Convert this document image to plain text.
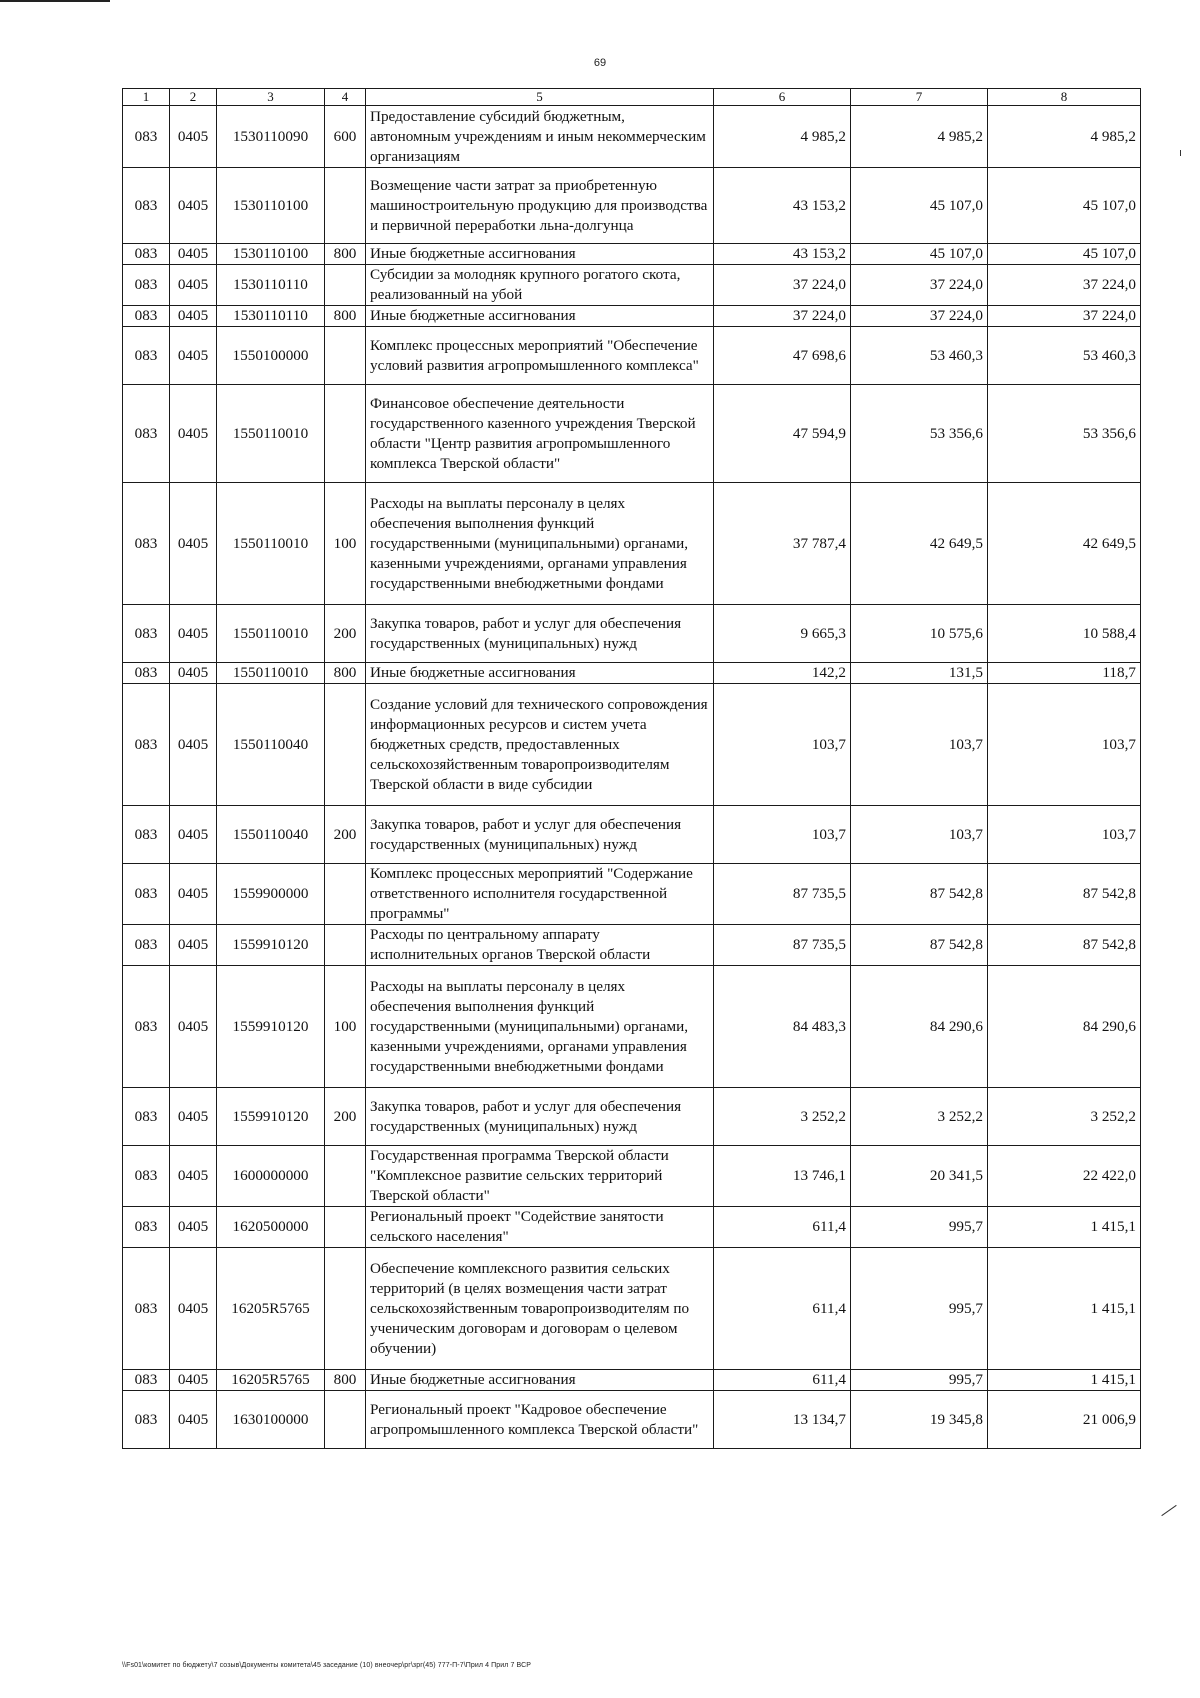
69
1	2	3	4	5	6	7	8
083	0405	1530110090	600	Предоставление субсидий бюджетным, автономным учреждениям и иным некоммерческим организациям	4 985,2	4 985,2	4 985,2
083	0405	1530110100		Возмещение части затрат за приобретенную машиностроительную продукцию для производства и первичной переработки льна-долгунца	43 153,2	45 107,0	45 107,0
083	0405	1530110100	800	Иные бюджетные ассигнования	43 153,2	45 107,0	45 107,0
083	0405	1530110110		Субсидии за молодняк крупного рогатого скота, реализованный на убой	37 224,0	37 224,0	37 224,0
083	0405	1530110110	800	Иные бюджетные ассигнования	37 224,0	37 224,0	37 224,0
083	0405	1550100000		Комплекс процессных мероприятий "Обеспечение условий развития агропромышленного комплекса"	47 698,6	53 460,3	53 460,3
083	0405	1550110010		Финансовое обеспечение деятельности государственного казенного учреждения Тверской области "Центр развития агропромышленного комплекса Тверской области"	47 594,9	53 356,6	53 356,6
083	0405	1550110010	100	Расходы на выплаты персоналу в целях обеспечения выполнения функций государственными (муниципальными) органами, казенными учреждениями, органами управления государственными внебюджетными фондами	37 787,4	42 649,5	42 649,5
083	0405	1550110010	200	Закупка товаров, работ и услуг для обеспечения государственных (муниципальных) нужд	9 665,3	10 575,6	10 588,4
083	0405	1550110010	800	Иные бюджетные ассигнования	142,2	131,5	118,7
083	0405	1550110040		Создание условий для технического сопровождения информационных ресурсов и систем учета бюджетных средств, предоставленных сельскохозяйственным товаропроизводителям Тверской области в виде субсидии	103,7	103,7	103,7
083	0405	1550110040	200	Закупка товаров, работ и услуг для обеспечения государственных (муниципальных) нужд	103,7	103,7	103,7
083	0405	1559900000		Комплекс процессных мероприятий "Содержание ответственного исполнителя государственной программы"	87 735,5	87 542,8	87 542,8
083	0405	1559910120		Расходы по центральному аппарату исполнительных органов Тверской области	87 735,5	87 542,8	87 542,8
083	0405	1559910120	100	Расходы на выплаты персоналу в целях обеспечения выполнения функций государственными (муниципальными) органами, казенными учреждениями, органами управления государственными внебюджетными фондами	84 483,3	84 290,6	84 290,6
083	0405	1559910120	200	Закупка товаров, работ и услуг для обеспечения государственных (муниципальных) нужд	3 252,2	3 252,2	3 252,2
083	0405	1600000000		Государственная программа Тверской области "Комплексное развитие сельских территорий Тверской области"	13 746,1	20 341,5	22 422,0
083	0405	1620500000		Региональный проект "Содействие занятости сельского населения"	611,4	995,7	1 415,1
083	0405	16205R5765		Обеспечение комплексного развития сельских территорий (в целях возмещения части затрат сельскохозяйственным товаропроизводителям по ученическим договорам и договорам о целевом обучении)	611,4	995,7	1 415,1
083	0405	16205R5765	800	Иные бюджетные ассигнования	611,4	995,7	1 415,1
083	0405	1630100000		Региональный проект "Кадровое обеспечение агропромышленного комплекса Тверской области"	13 134,7	19 345,8	21 006,9
\\Fs01\комитет по бюджету\7 созыв\Документы комитета\45 заседание (10) внеочер\рг\зрг(45) 777-П-7\Прил 4 Прил 7 ВСР
